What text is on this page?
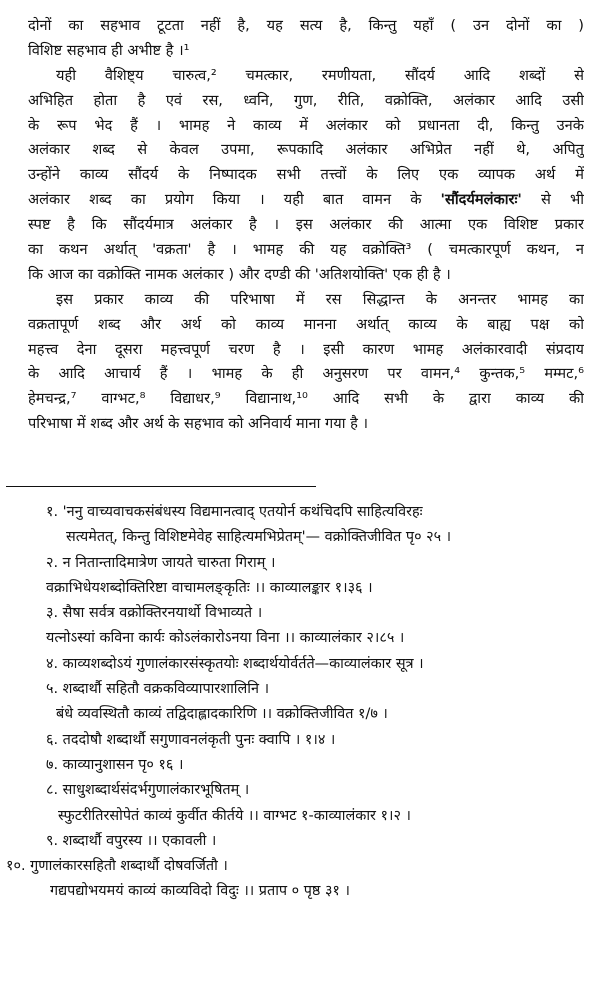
दोनों का सहभाव टूटता नहीं है, यह सत्य है, किन्तु यहाँ ( उन दोनों का )
विशिष्ट सहभाव ही अभीष्ट है ।¹
यही वैशिष्ट्य चारुत्व,² चमत्कार, रमणीयता, सौंदर्य आदि शब्दों से
अभिहित होता है एवं रस, ध्वनि, गुण, रीति, वक्रोक्ति, अलंकार आदि उसी
के रूप भेद हैं । भामह ने काव्य में अलंकार को प्रधानता दी, किन्तु उनके
अलंकार शब्द से केवल उपमा, रूपकादि अलंकार अभिप्रेत नहीं थे, अपितु
उन्होंने काव्य सौंदर्य के निष्पादक सभी तत्त्वों के लिए एक व्यापक अर्थ में
अलंकार शब्द का प्रयोग किया । यही बात वामन के 'सौंदर्यमलंकारः' से भी
स्पष्ट है कि सौंदर्यमात्र अलंकार है । इस अलंकार की आत्मा एक विशिष्ट प्रकार
का कथन अर्थात् 'वक्रता' है । भामह की यह वक्रोक्ति³ ( चमत्कारपूर्ण कथन, न
कि आज का वक्रोक्ति नामक अलंकार ) और दण्डी की 'अतिशयोक्ति' एक ही है ।
इस प्रकार काव्य की परिभाषा में रस सिद्धान्त के अनन्तर भामह का
वक्रतापूर्ण शब्द और अर्थ को काव्य मानना अर्थात् काव्य के बाह्य पक्ष को
महत्त्व देना दूसरा महत्त्वपूर्ण चरण है । इसी कारण भामह अलंकारवादी संप्रदाय
के आदि आचार्य हैं । भामह के ही अनुसरण पर वामन,⁴ कुन्तक,⁵ मम्मट,⁶
हेमचन्द्र,⁷ वाग्भट,⁸ विद्याधर,⁹ विद्यानाथ,¹⁰ आदि सभी के द्वारा काव्य की
परिभाषा में शब्द और अर्थ के सहभाव को अनिवार्य माना गया है ।
१. 'ननु वाच्यवाचकसंबंधस्य विद्यमानत्वाद् एतयोर्न कथंचिदपि साहित्यविरहः
सत्यमेतत्, किन्तु विशिष्टमेवेह साहित्यमभिप्रेतम्'— वक्रोक्तिजीवित पृ० २५ ।
२. न नितान्तादिमात्रेण जायते चारुता गिराम् ।
वक्राभिधेयशब्दोक्तिरिष्टा वाचामलङ्कृतिः ।। काव्यालङ्कार १।३६ ।
३. सैषा सर्वत्र वक्रोक्तिरनयार्थो विभाव्यते ।
यत्नोऽस्यां कविना कार्यः कोऽलंकारोऽनया विना ।। काव्यालंकार २।८५ ।
४. काव्यशब्दोऽयं गुणालंकारसंस्कृतयोः शब्दार्थयोर्वर्तते—काव्यालंकार सूत्र ।
५. शब्दार्थौ सहितौ वक्रकविव्यापारशालिनि ।
बंधे व्यवस्थितौ काव्यं तद्विदाह्लादकारिणि ।। वक्रोक्तिजीवित १/७ ।
६. तददोषौ शब्दार्थौ सगुणावनलंकृती पुनः क्वापि । १।४ ।
७. काव्यानुशासन पृ० १६ ।
८. साधुशब्दार्थसंदर्भगुणालंकारभूषितम् ।
स्फुटरीतिरसोपेतं काव्यं कुर्वीत कीर्तये ।। वाग्भट १-काव्यालंकार १।२ ।
९. शब्दार्थौ वपुरस्य ।। एकावली ।
१०. गुणालंकारसहितौ शब्दार्थौ दोषवर्जितौ ।
गद्यपद्योभयमयं काव्यं काव्यविदो विदुः ।। प्रताप ० पृष्ठ ३१ ।
